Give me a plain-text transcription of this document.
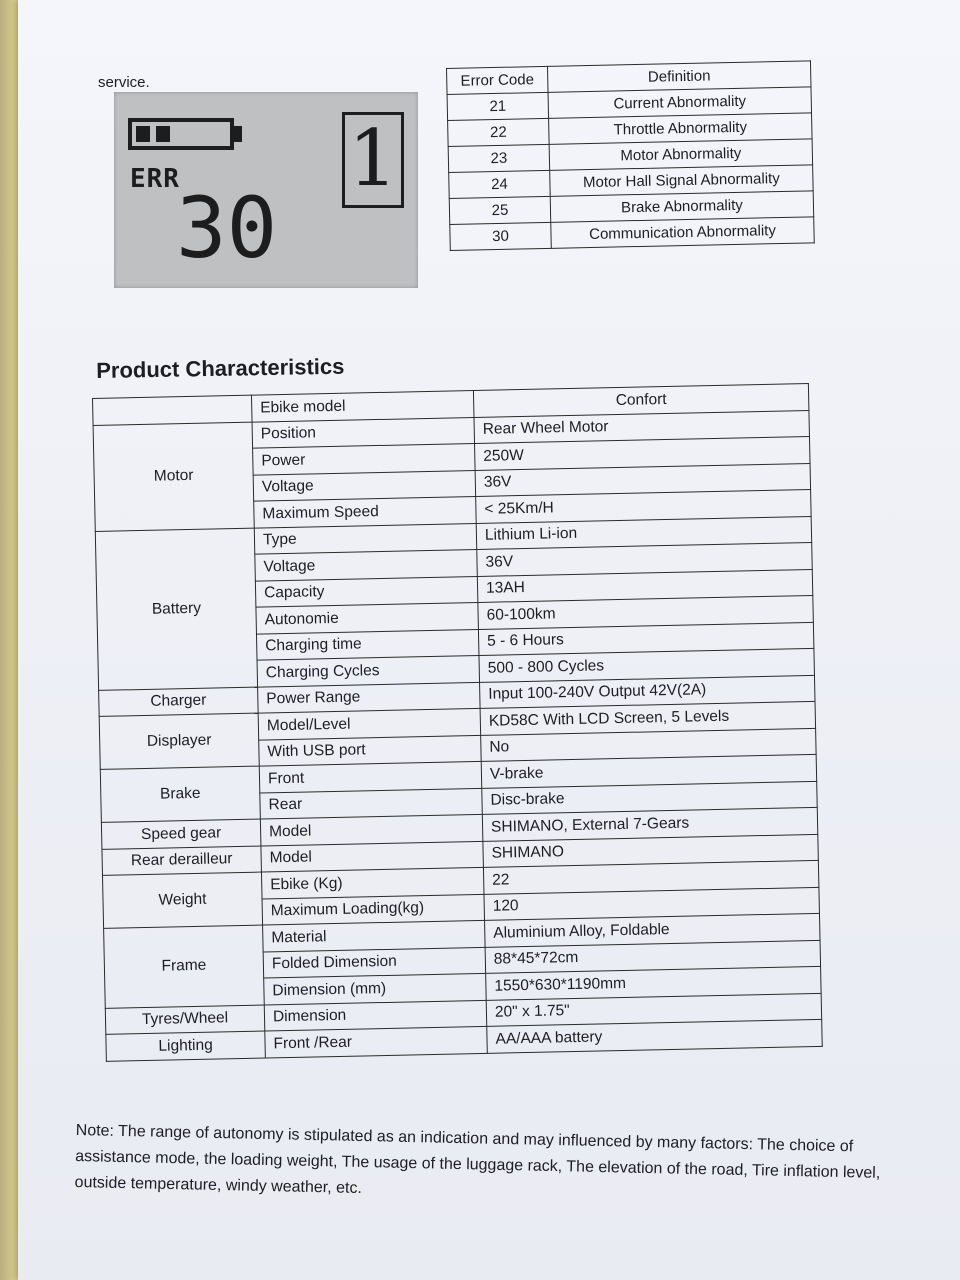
service.
ERR
30
1
Error Code	Definition
21	Current Abnormality
22	Throttle Abnormality
23	Motor Abnormality
24	Motor Hall Signal Abnormality
25	Brake Abnormality
30	Communication Abnormality
Product Characteristics
	Ebike model	Confort
Motor	Position	Rear Wheel Motor
	Power	250W
	Voltage	36V
	Maximum Speed	< 25Km/H
Battery	Type	Lithium Li-ion
	Voltage	36V
	Capacity	13AH
	Autonomie	60-100km
	Charging time	5 - 6 Hours
	Charging Cycles	500 - 800 Cycles
Charger	Power Range	Input 100-240V Output 42V(2A)
Displayer	Model/Level	KD58C With LCD Screen, 5 Levels
	With USB port	No
Brake	Front	V-brake
	Rear	Disc-brake
Speed gear	Model	SHIMANO, External 7-Gears
Rear derailleur	Model	SHIMANO
Weight	Ebike (Kg)	22
	Maximum Loading(kg)	120
Frame	Material	Aluminium Alloy, Foldable
	Folded Dimension	88*45*72cm
	Dimension (mm)	1550*630*1190mm
Tyres/Wheel	Dimension	20" x 1.75"
Lighting	Front /Rear	AA/AAA battery
Note: The range of autonomy is stipulated as an indication and may influenced by many factors: The choice of assistance mode, the loading weight, The usage of the luggage rack, The elevation of the road, Tire inflation level, outside temperature, windy weather, etc.
